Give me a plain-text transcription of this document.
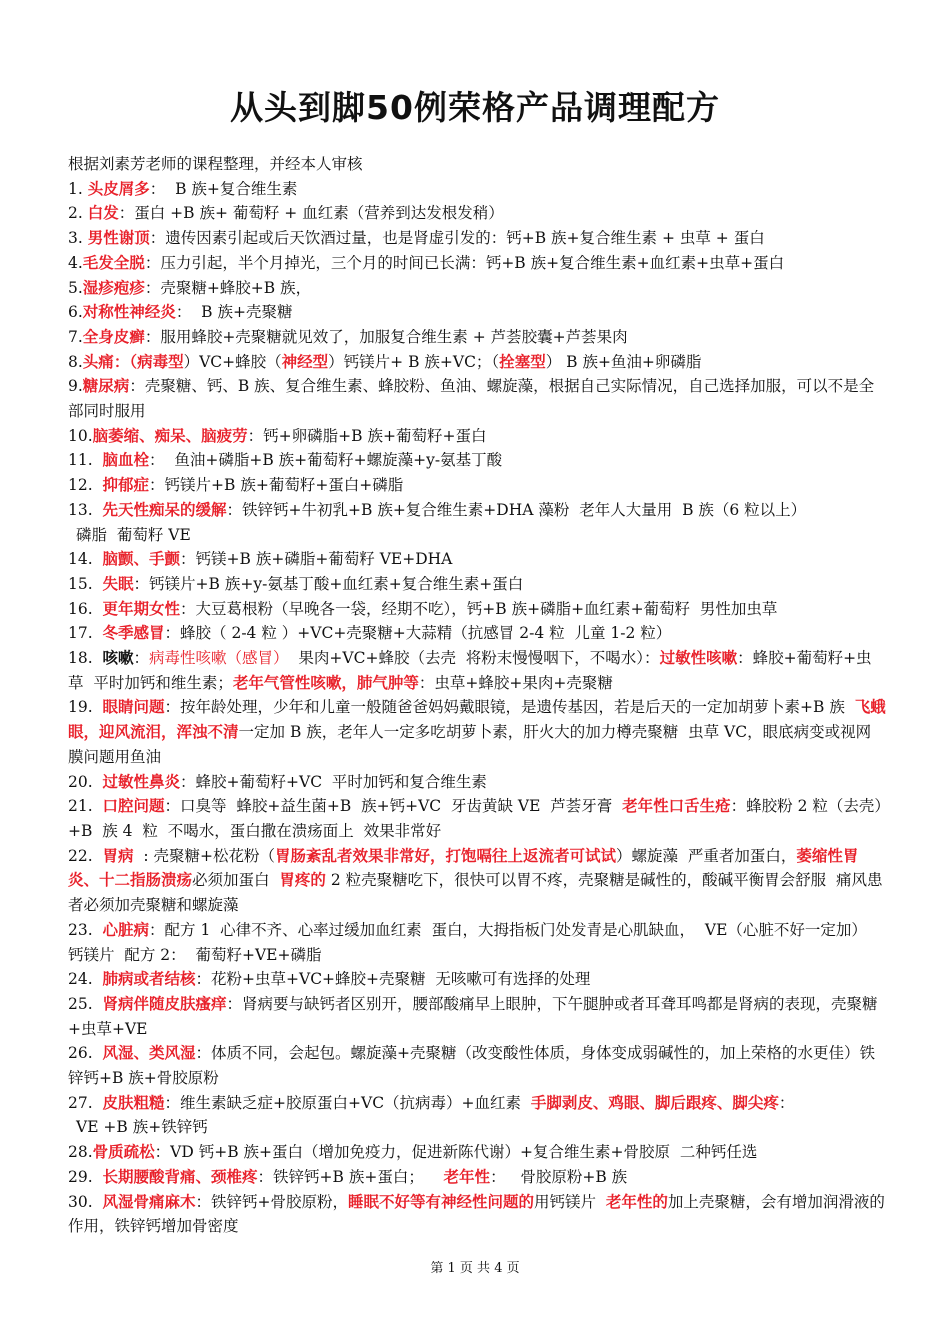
从头到脚50例荣格产品调理配方
根据刘素芳老师的课程整理，并经本人审核
1. 头皮屑多：  B 族+复合维生素
2. 白发：蛋白 +B 族+ 葡萄籽 + 血红素（营养到达发根发稍）
3. 男性谢顶：遗传因素引起或后天饮酒过量，也是肾虚引发的：钙+B 族+复合维生素 + 虫草 + 蛋白
4.毛发全脱：压力引起，半个月掉光，三个月的时间已长满：钙+B 族+复合维生素+血红素+虫草+蛋白
5.湿疹疱疹：壳聚糖+蜂胶+B 族，
6.对称性神经炎：  B 族+壳聚糖
7.全身皮癣：服用蜂胶+壳聚糖就见效了，加服复合维生素 + 芦荟胶囊+芦荟果肉
8.头痛：（病毒型）VC+蜂胶（神经型）钙镁片+ B 族+VC；（拴塞型） B 族+鱼油+卵磷脂
9.糖尿病：壳聚糖、钙、B 族、复合维生素、蜂胶粉、鱼油、螺旋藻，根据自己实际情况，自己选择加服，可以不是全部同时服用
10.脑萎缩、痴呆、脑疲劳：钙+卵磷脂+B 族+葡萄籽+蛋白
11.  脑血栓：  鱼油+磷脂+B 族+葡萄籽+螺旋藻+y-氨基丁酸
12.  抑郁症：钙镁片+B 族+葡萄籽+蛋白+磷脂
13.  先天性痴呆的缓解：铁锌钙+牛初乳+B 族+复合维生素+DHA 藻粉  老年人大量用  B 族（6 粒以上）
磷脂  葡萄籽 VE
14.  脑颤、手颤：钙镁+B 族+磷脂+葡萄籽 VE+DHA
15.  失眠：钙镁片+B 族+y-氨基丁酸+血红素+复合维生素+蛋白
16.  更年期女性：大豆葛根粉（早晚各一袋，经期不吃），钙+B 族+磷脂+血红素+葡萄籽  男性加虫草
17.  冬季感冒：蜂胶（ 2-4 粒 ）+VC+壳聚糖+大蒜精（抗感冒 2-4 粒  儿童 1-2 粒）
18.  咳嗽：病毒性咳嗽（感冒）  果肉+VC+蜂胶（去壳  将粉末慢慢咽下，不喝水）：过敏性咳嗽：蜂胶+葡萄籽+虫草  平时加钙和维生素；老年气管性咳嗽，肺气肿等：虫草+蜂胶+果肉+壳聚糖
19.  眼睛问题：按年龄处理，少年和儿童一般随爸爸妈妈戴眼镜，是遗传基因，若是后天的一定加胡萝卜素+B 族  飞蛾眼，迎风流泪，浑浊不清一定加 B 族，老年人一定多吃胡萝卜素，肝火大的加力樽壳聚糖  虫草 VC，眼底病变或视网膜问题用鱼油
20.  过敏性鼻炎：蜂胶+葡萄籽+VC  平时加钙和复合维生素
21.  口腔问题：口臭等  蜂胶+益生菌+B  族+钙+VC  牙齿黄缺 VE  芦荟牙膏  老年性口舌生疮：蜂胶粉 2 粒（去壳）+B  族 4  粒  不喝水，蛋白撒在溃疡面上  效果非常好
22.  胃病  : 壳聚糖+松花粉（胃肠紊乱者效果非常好，打饱嗝往上返流者可试试）螺旋藻  严重者加蛋白，萎缩性胃炎、十二指肠溃疡必须加蛋白  胃疼的 2 粒壳聚糖吃下，很快可以胃不疼，壳聚糖是碱性的，酸碱平衡胃会舒服  痛风患者必须加壳聚糖和螺旋藻
23.  心脏病：配方 1  心律不齐、心率过缓加血红素  蛋白，大拇指板门处发青是心肌缺血，  VE（心脏不好一定加）  钙镁片  配方 2：  葡萄籽+VE+磷脂
24.  肺病或者结核：花粉+虫草+VC+蜂胶+壳聚糖  无咳嗽可有选择的处理
25.  肾病伴随皮肤瘙痒：肾病要与缺钙者区别开，腰部酸痛早上眼肿，下午腿肿或者耳聋耳鸣都是肾病的表现，壳聚糖+虫草+VE
26.  风湿、类风湿：体质不同，会起包。螺旋藻+壳聚糖（改变酸性体质，身体变成弱碱性的，加上荣格的水更佳）铁锌钙+B 族+骨胶原粉
27.  皮肤粗糙：维生素缺乏症+胶原蛋白+VC（抗病毒）+血红素  手脚剥皮、鸡眼、脚后跟疼、脚尖疼：
VE +B 族+铁锌钙
28.骨质疏松：VD 钙+B 族+蛋白（增加免疫力，促进新陈代谢）+复合维生素+骨胶原  二种钙任选
29.  长期腰酸背痛、颈椎疼：铁锌钙+B 族+蛋白；    老年性：   骨胶原粉+B 族
30.  风湿骨痛麻木：铁锌钙+骨胶原粉，睡眠不好等有神经性问题的用钙镁片  老年性的加上壳聚糖，会有增加润滑液的作用，铁锌钙增加骨密度
第 1 页 共 4 页
